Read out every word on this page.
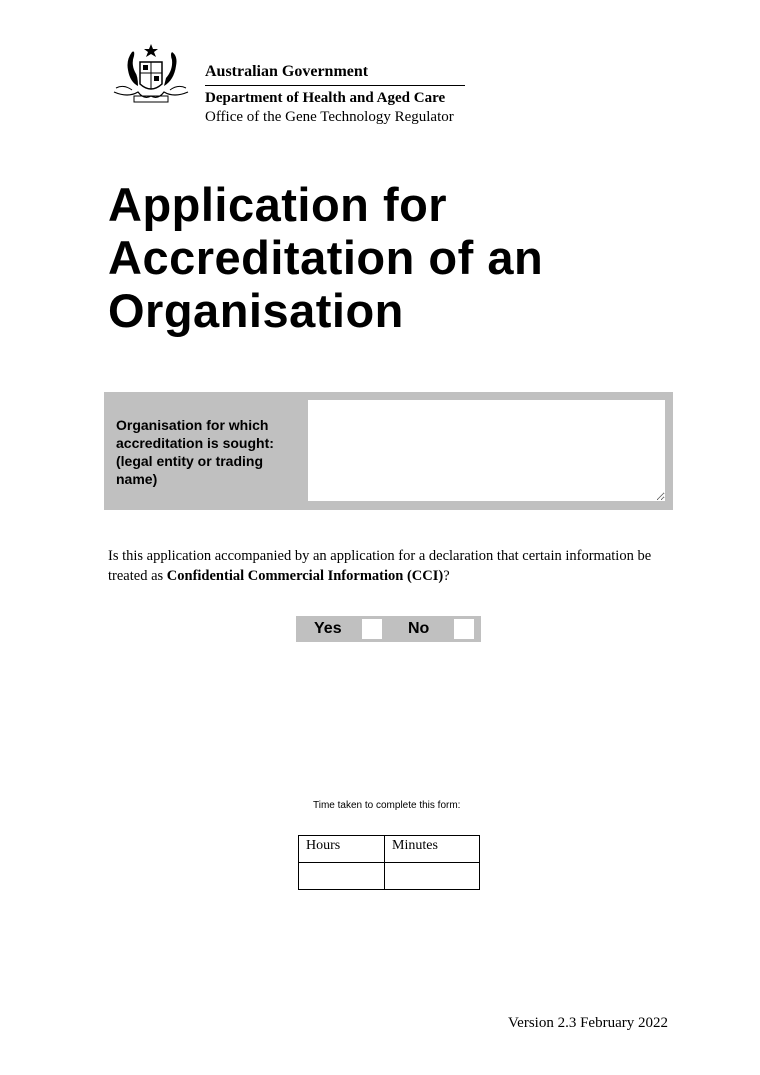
Australian Government
Department of Health and Aged Care
Office of the Gene Technology Regulator
Application for
Accreditation of an
Organisation
Organisation for which
accreditation is sought:
(legal entity or trading
name)
Is this application accompanied by an application for a declaration that certain information be treated as Confidential Commercial Information (CCI)?
Yes	No
Time taken to complete this form:
Hours	Minutes

Version 2.3 February 2022
